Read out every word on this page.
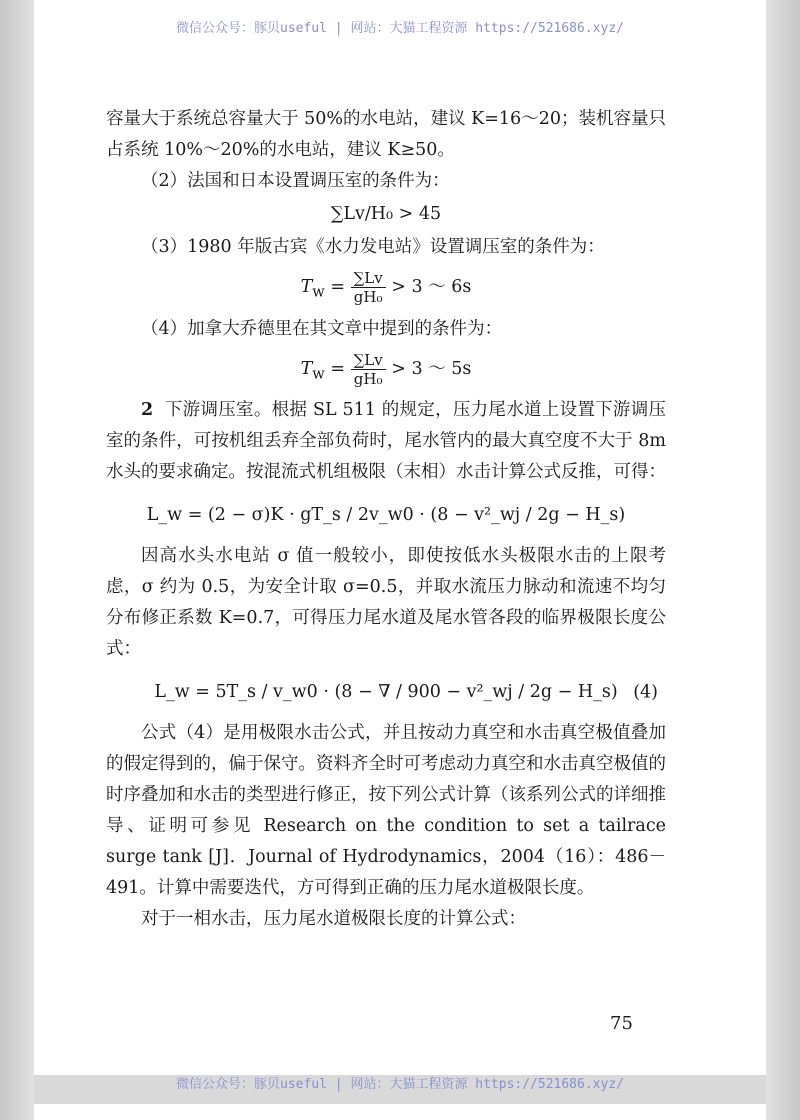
微信公众号：豚贝useful | 网站：大猫工程资源 https://521686.xyz/

容量大于系统总容量大于 50%的水电站，建议 K=16～20；装机容量只占系统 10%～20%的水电站，建议 K≥50。

（2）法国和日本设置调压室的条件为：

∑Lv/H₀ > 45

（3）1980 年版古宾《水力发电站》设置调压室的条件为：

$T_w = \frac{\sum Lv}{\text{gH₀}} > 3$ ～ 6s

（4）加拿大乔德里在其文章中提到的条件为：

$T_w = \frac{\sum Lv}{\text{gH₀}} > 3$ ～ 5s

2 下游调压室。根据 SL 511 的规定，压力尾水道上设置下游调压室的条件，可按机组丢弃全部负荷时，尾水管内的最大真空度不大于 8m 水头的要求确定。按混流式机组极限（末相）水击计算公式反推，可得：

L_w = (2 − σ)K · gT_s / 2v_w0 · (8 − v²_wj / 2g − H_s)

因高水头水电站 σ 值一般较小，即使按低水头极限水击的上限考虑，σ 约为 0.5，为安全计取 σ=0.5，并取水流压力脉动和流速不均匀分布修正系数 K=0.7，可得压力尾水道及尾水管各段的临界极限长度公式：

L_w = 5T_s / v_w0 · (8 − ∇ / 900 − v²_wj / 2g − H_s) (4)

公式（4）是用极限水击公式，并且按动力真空和水击真空极值叠加的假定得到的，偏于保守。资料齐全时可考虑动力真空和水击真空极值的时序叠加和水击的类型进行修正，按下列公式计算（该系列公式的详细推导、证明可参见 Research on the condition to set a tailrace surge tank [J]．Journal of Hydrodynamics，2004（16）：486－491。计算中需要迭代，方可得到正确的压力尾水道极限长度。

对于一相水击，压力尾水道极限长度的计算公式：

75
微信公众号：豚贝useful | 网站：大猫工程资源 https://521686.xyz/
